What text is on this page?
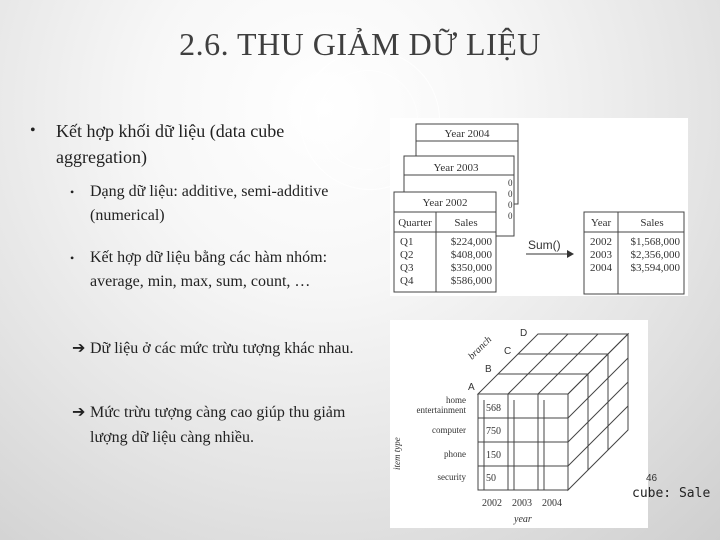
2.6. THU GIẢM DỮ LIỆU
•	Kết hợp khối dữ liệu (data cube aggregation)
• Dạng dữ liệu: additive, semi-additive (numerical)
• Kết hợp dữ liệu bằng các hàm nhóm: average, min, max, sum, count, …
➔ Dữ liệu ở các mức trừu tượng khác nhau.
➔ Mức trừu tượng càng cao giúp thu giảm lượng dữ liệu càng nhiều.
Year 2004
Year 2003
0
0
0
0
Year 2002
Quarter Sales
Q1
Q2
Q3
Q4
$224,000
$408,000
$350,000
$586,000
Sum()
Year	Sales
2002
2003
2004
$1,568,000
$2,356,000
$3,594,000
branch
D
C
B
A
item type
home
entertainment
computer
phone
security
568
750
150
50
2002 2003 2004
year
46
cube: Sale
